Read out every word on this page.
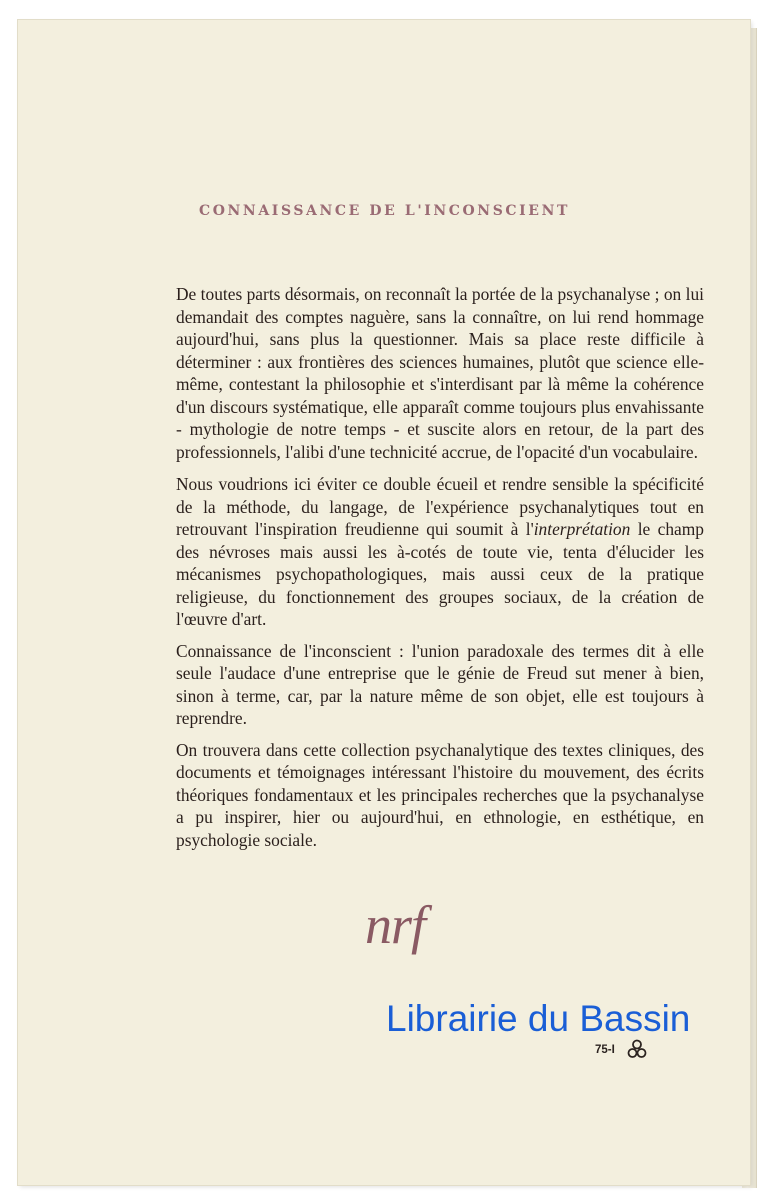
CONNAISSANCE DE L'INCONSCIENT

De toutes parts désormais, on reconnaît la portée de la psychanalyse ; on lui demandait des comptes naguère, sans la connaître, on lui rend hommage aujourd'hui, sans plus la questionner. Mais sa place reste difficile à déterminer : aux frontières des sciences humaines, plutôt que science elle-même, contestant la philosophie et s'interdisant par là même la cohérence d'un discours systématique, elle apparaît comme toujours plus envahissante - mythologie de notre temps - et suscite alors en retour, de la part des professionnels, l'alibi d'une technicité accrue, de l'opacité d'un vocabulaire.

Nous voudrions ici éviter ce double écueil et rendre sensible la spécificité de la méthode, du langage, de l'expérience psychanalytiques tout en retrouvant l'inspiration freudienne qui soumit à l'interprétation le champ des névroses mais aussi les à-cotés de toute vie, tenta d'élucider les mécanismes psychopathologiques, mais aussi ceux de la pratique religieuse, du fonctionnement des groupes sociaux, de la création de l'œuvre d'art.

Connaissance de l'inconscient : l'union paradoxale des termes dit à elle seule l'audace d'une entreprise que le génie de Freud sut mener à bien, sinon à terme, car, par la nature même de son objet, elle est toujours à reprendre.

On trouvera dans cette collection psychanalytique des textes cliniques, des documents et témoignages intéressant l'histoire du mouvement, des écrits théoriques fondamentaux et les principales recherches que la psychanalyse a pu inspirer, hier ou aujourd'hui, en ethnologie, en esthétique, en psychologie sociale.

nrf
Librairie du Bassin
75-I
